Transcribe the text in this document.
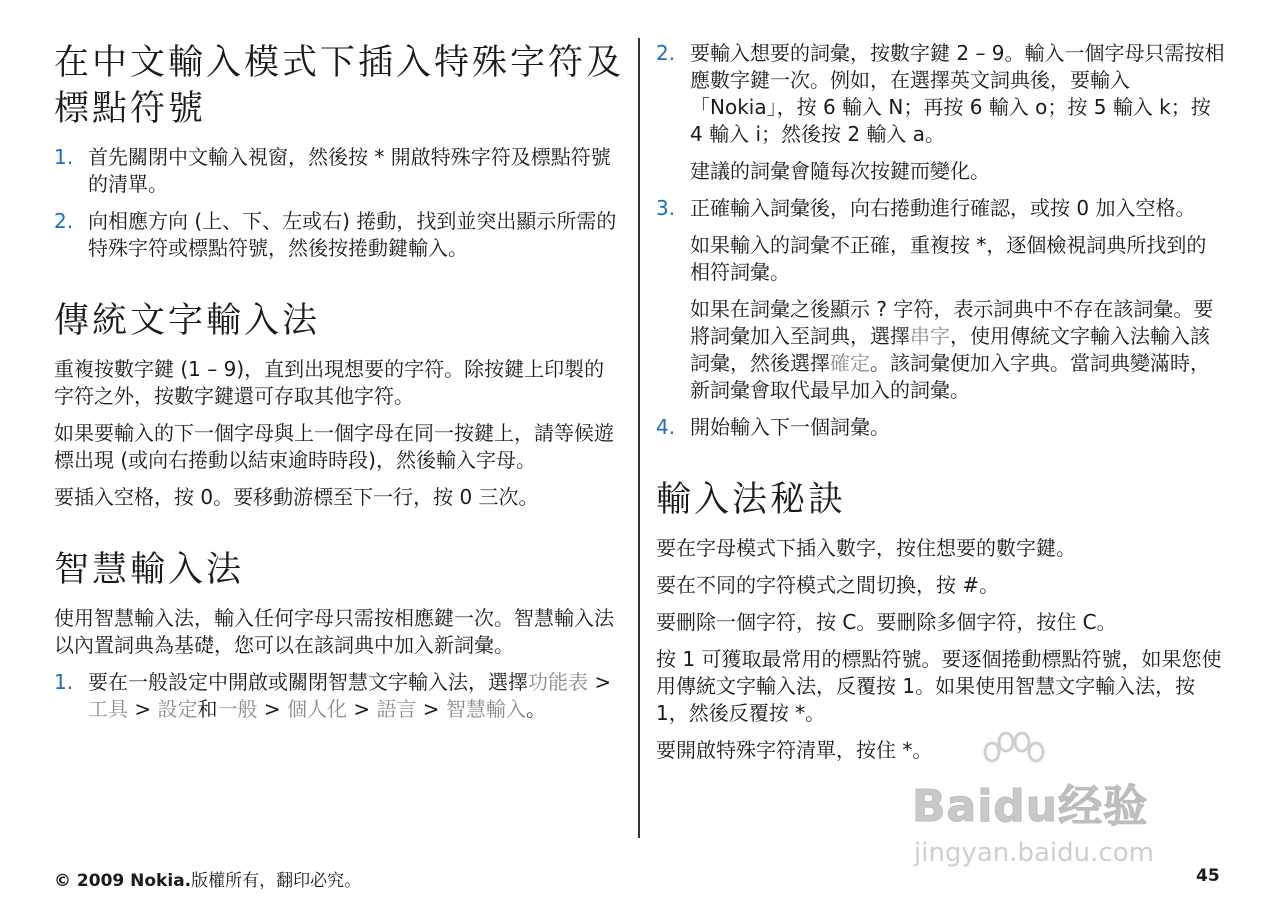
在中文輸入模式下插入特殊字符及標點符號
1. 首先關閉中文輸入視窗，然後按 * 開啟特殊字符及標點符號的清單。
2. 向相應方向 (上、下、左或右) 捲動，找到並突出顯示所需的特殊字符或標點符號，然後按捲動鍵輸入。
傳統文字輸入法

重複按數字鍵 (1 – 9)，直到出現想要的字符。除按鍵上印製的字符之外，按數字鍵還可存取其他字符。

如果要輸入的下一個字母與上一個字母在同一按鍵上，請等候遊標出現 (或向右捲動以結束逾時時段)，然後輸入字母。

要插入空格，按 0。要移動游標至下一行，按 0 三次。

智慧輸入法

使用智慧輸入法，輸入任何字母只需按相應鍵一次。智慧輸入法以內置詞典為基礎，您可以在該詞典中加入新詞彙。

1. 要在一般設定中開啟或關閉智慧文字輸入法，選擇功能表 > 工具 > 設定和一般 > 個人化 > 語言 > 智慧輸入。
2. 要輸入想要的詞彙，按數字鍵 2 – 9。輸入一個字母只需按相應數字鍵一次。例如，在選擇英文詞典後，要輸入「Nokia」，按 6 輸入 N；再按 6 輸入 o；按 5 輸入 k；按 4 輸入 i；然後按 2 輸入 a。
建議的詞彙會隨每次按鍵而變化。
3. 正確輸入詞彙後，向右捲動進行確認，或按 0 加入空格。
如果輸入的詞彙不正確，重複按 *，逐個檢視詞典所找到的相符詞彙。
如果在詞彙之後顯示 ? 字符，表示詞典中不存在該詞彙。要將詞彙加入至詞典，選擇串字，使用傳統文字輸入法輸入該詞彙，然後選擇確定。該詞彙便加入字典。當詞典變滿時，新詞彙會取代最早加入的詞彙。
4. 開始輸入下一個詞彙。
輸入法秘訣

要在字母模式下插入數字，按住想要的數字鍵。

要在不同的字符模式之間切換，按 #。

要刪除一個字符，按 C。要刪除多個字符，按住 C。

按 1 可獲取最常用的標點符號。要逐個捲動標點符號，如果您使用傳統文字輸入法，反覆按 1。如果使用智慧文字輸入法，按 1，然後反覆按 *。

要開啟特殊字符清單，按住 *。

© 2009 Nokia.版權所有，翻印必究。	45
Baidu经验
jingyan.baidu.com
